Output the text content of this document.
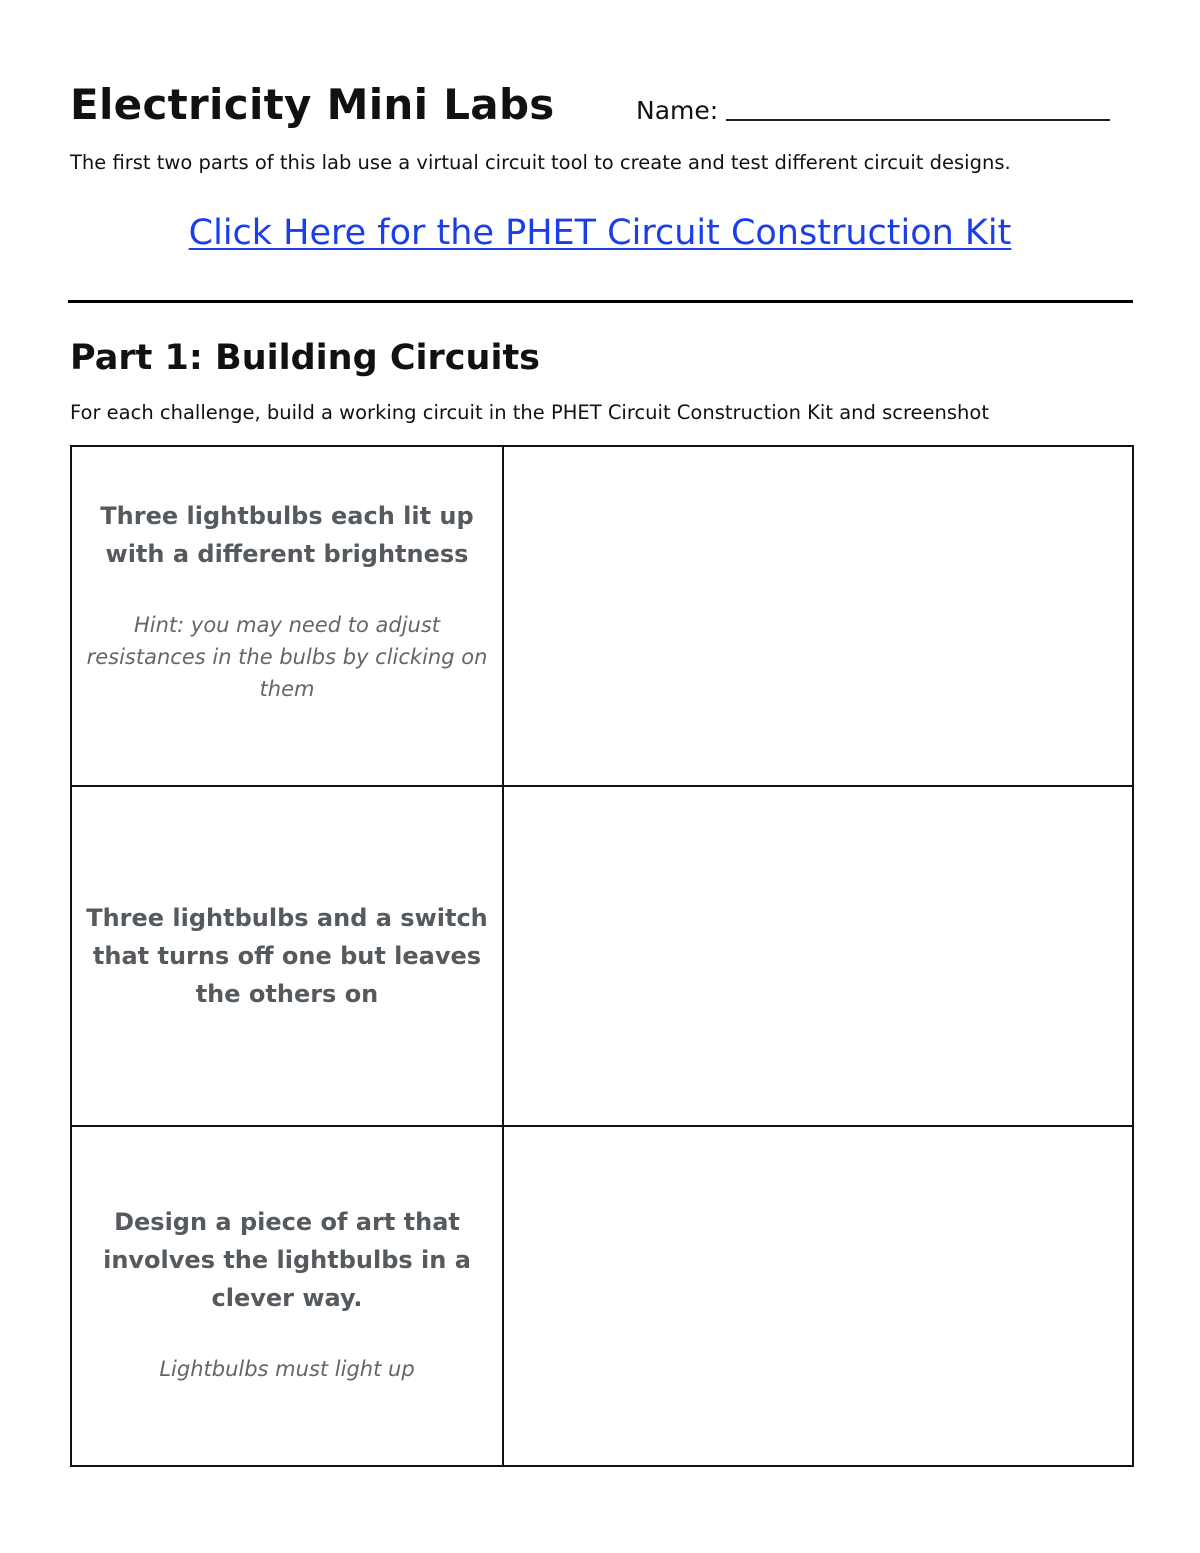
Electricity Mini Labs	Name:
The first two parts of this lab use a virtual circuit tool to create and test different circuit designs.
Click Here for the PHET Circuit Construction Kit
Part 1: Building Circuits
For each challenge, build a working circuit in the PHET Circuit Construction Kit and screenshot
Three lightbulbs each lit up with a different brightness
Hint: you may need to adjust resistances in the bulbs by clicking on them	

Three lightbulbs and a switch that turns off one but leaves the others on	

Design a piece of art that involves the lightbulbs in a clever way.
Lightbulbs must light up	
